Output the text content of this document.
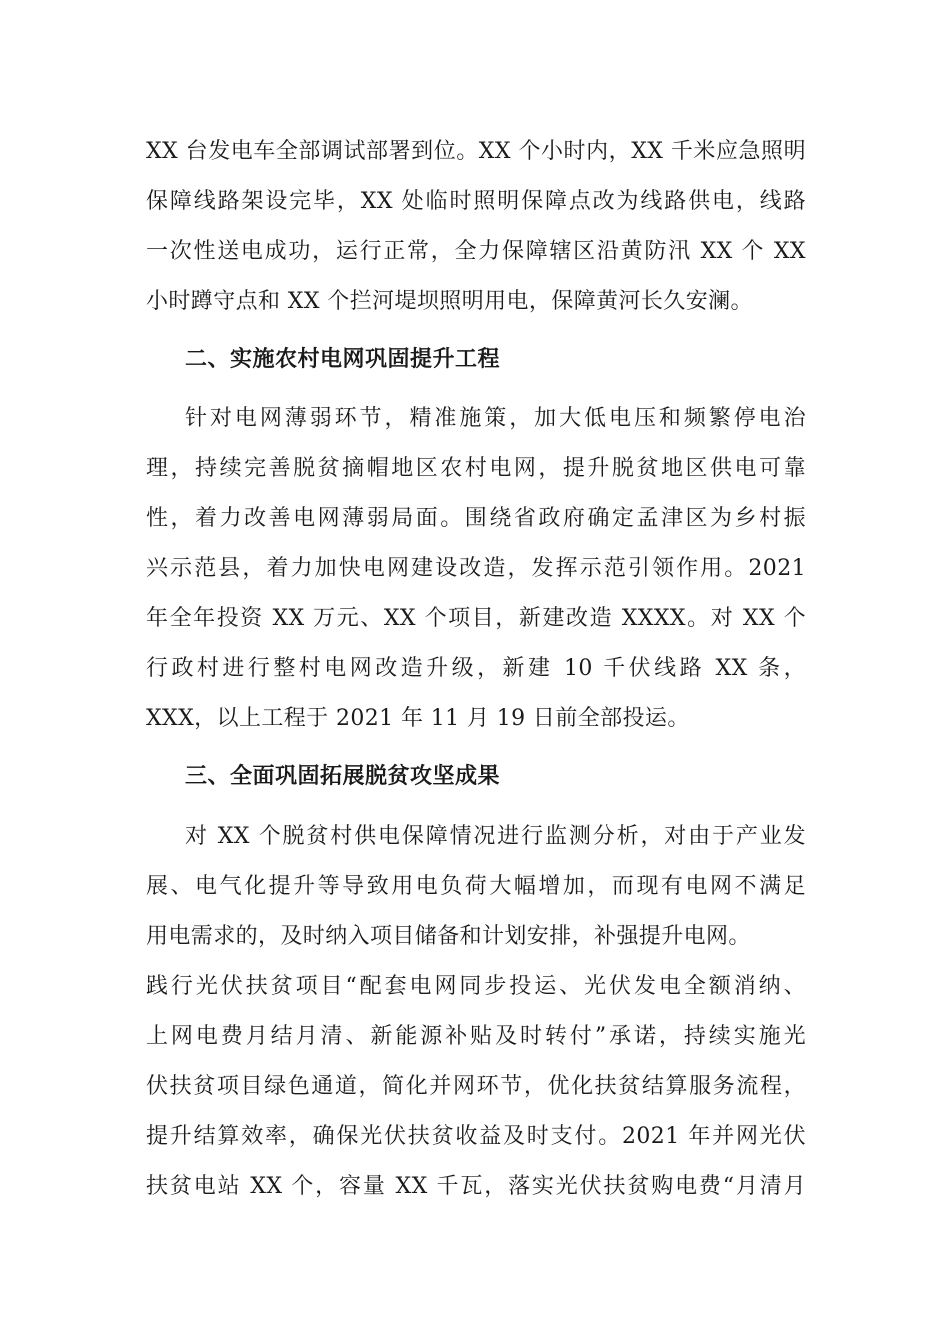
XX 台发电车全部调试部署到位。XX 个小时内，XX 千米应急照明
保障线路架设完毕，XX 处临时照明保障点改为线路供电，线路
一次性送电成功，运行正常，全力保障辖区沿黄防汛 XX 个 XX
小时蹲守点和 XX 个拦河堤坝照明用电，保障黄河长久安澜。
二、实施农村电网巩固提升工程
针对电网薄弱环节，精准施策，加大低电压和频繁停电治
理，持续完善脱贫摘帽地区农村电网，提升脱贫地区供电可靠
性，着力改善电网薄弱局面。围绕省政府确定孟津区为乡村振
兴示范县，着力加快电网建设改造，发挥示范引领作用。2021
年全年投资 XX 万元、XX 个项目，新建改造 XXXX。对 XX 个
行政村进行整村电网改造升级，新建 10 千伏线路 XX 条，
XXX，以上工程于 2021 年 11 月 19 日前全部投运。
三、全面巩固拓展脱贫攻坚成果
对 XX 个脱贫村供电保障情况进行监测分析，对由于产业发
展、电气化提升等导致用电负荷大幅增加，而现有电网不满足
用电需求的，及时纳入项目储备和计划安排，补强提升电网。
践行光伏扶贫项目“配套电网同步投运、光伏发电全额消纳、
上网电费月结月清、新能源补贴及时转付”承诺，持续实施光
伏扶贫项目绿色通道，简化并网环节，优化扶贫结算服务流程，
提升结算效率，确保光伏扶贫收益及时支付。2021 年并网光伏
扶贫电站 XX 个，容量 XX 千瓦，落实光伏扶贫购电费“月清月
